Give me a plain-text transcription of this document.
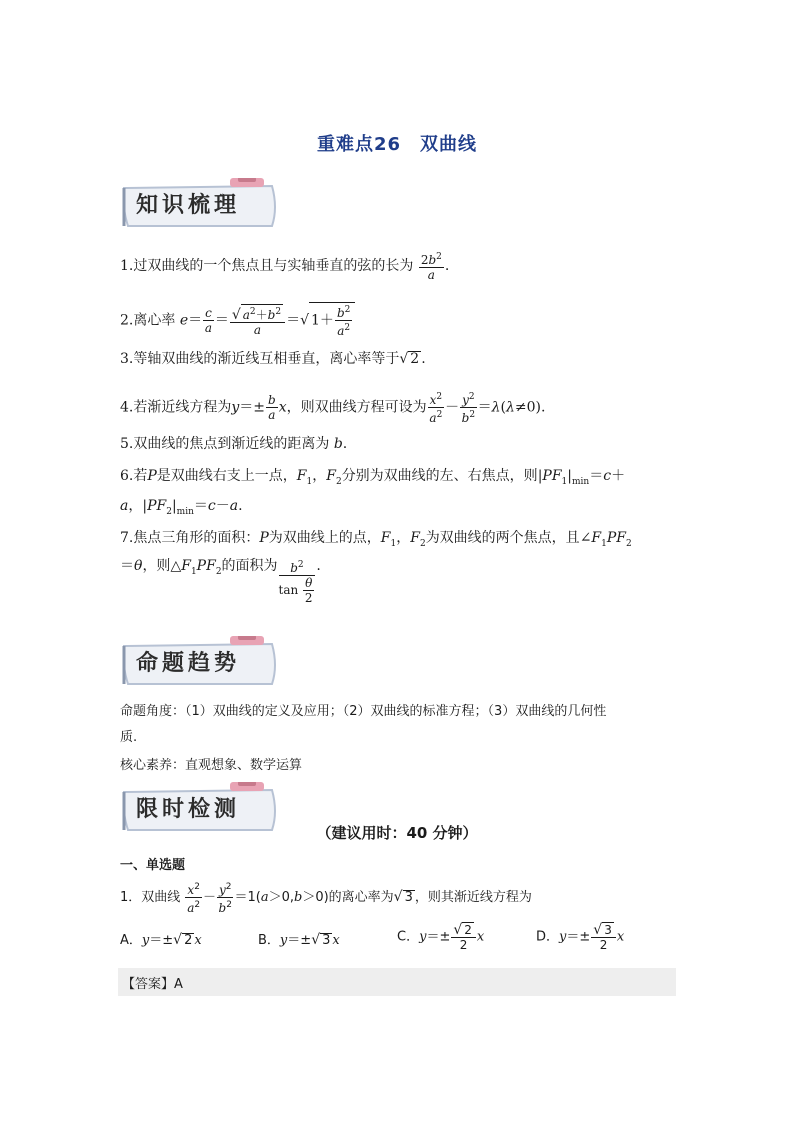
重难点26　双曲线
知识梳理
1.过双曲线的一个焦点且与实轴垂直的弦的长为 $\frac{2b^2}{a}$ .
2.离心率 $e= \frac{c}{a} = \frac{√ a^2+b^2}{a}$ ＝√ $1+ \frac{b^2}{a^2}$
3.等轴双曲线的渐近线互相垂直，离心率等于√ 2 .
4.若渐近线方程为$y=\pm \frac{b}{a}$ x，则双曲线方程可设为 $\frac{x^2}{a^2} - \frac{y^2}{b^2} =\lambda(\lambda\ne 0)$.
5.双曲线的焦点到渐近线的距离为 b.
6.若P是双曲线右支上一点，$F_1$，$F_2$分别为双曲线的左、右焦点，则$|PF_1|_{min}=c+$
a，$|PF_2|_{min}=c-a$.
7.焦点三角形的面积：P为双曲线上的点，$F_1$，$F_2$为双曲线的两个焦点，且$\angle F_1PF_2$
＝θ，则$\triangle F_1PF_2$的面积为 $\frac{b^2}{\tan \frac{\theta}{2}}$ .
命题趋势
命题角度：（1）双曲线的定义及应用；（2）双曲线的标准方程；（3）双曲线的几何性
质.
核心素养：直观想象、数学运算
限时检测
（建议用时：40 分钟）
一、单选题
1．双曲线 $\frac{x^2}{a^2} - \frac{y^2}{b^2} =1(a>0,b>0)$的离心率为√ 3 ，则其渐近线方程为
A．y＝±√ 2 x	B．y＝±√ 3 x	C．$y=\pm \frac{√ 2}{2}$ x	D．$y=\pm \frac{√ 3}{2}$ x
【答案】A
